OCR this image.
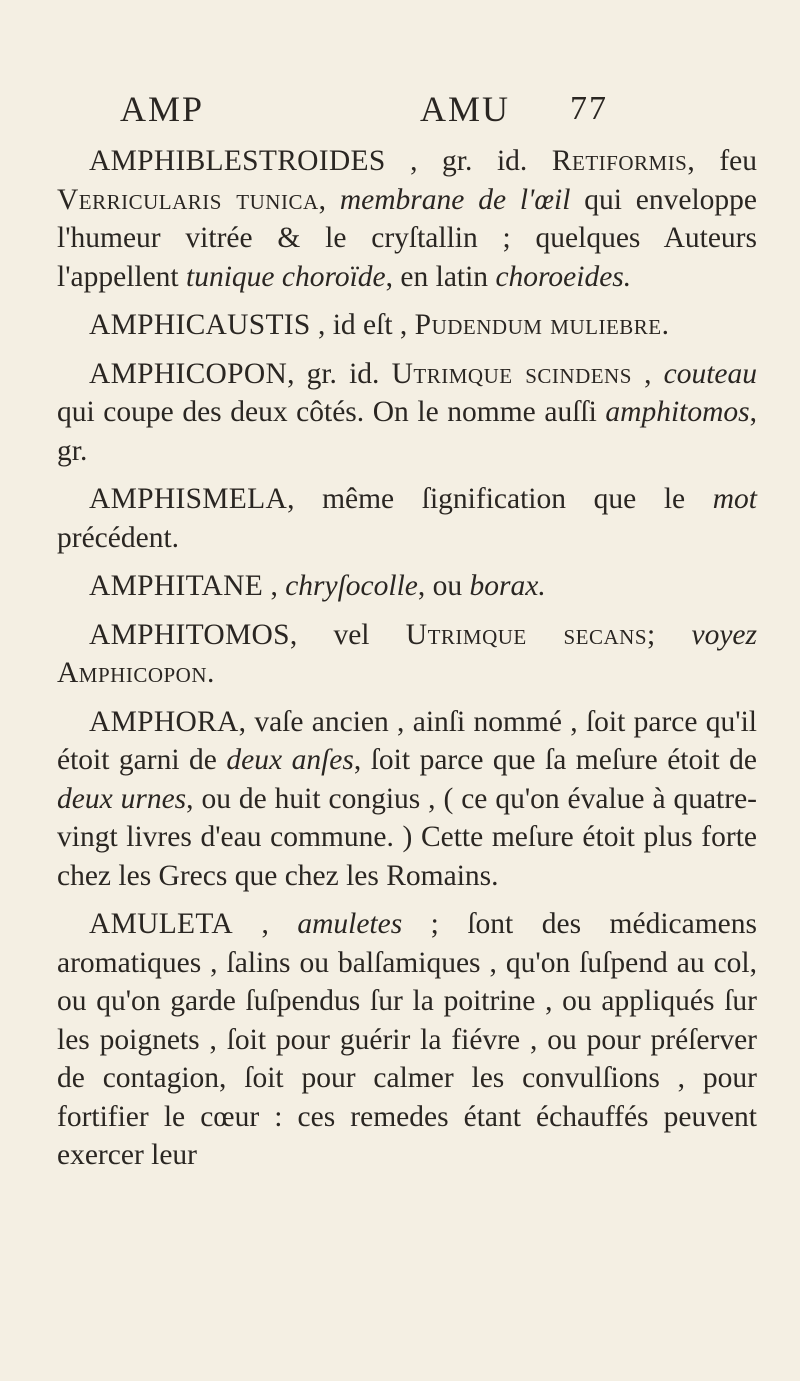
AMP	AMU 77

AMPHIBLESTROIDES , gr. id. Retiformis, feu Verricularis tunica, membrane de l'œil qui enveloppe l'humeur vitrée & le cryſtallin ; quelques Auteurs l'appellent tunique choroïde, en latin choroeides.

AMPHICAUSTIS , id eſt , Pudendum muliebre.

AMPHICOPON, gr. id. Utrimque scindens , couteau qui coupe des deux côtés. On le nomme auſſi amphitomos, gr.

AMPHISMELA, même ſignification que le mot précédent.

AMPHITANE , chryſocolle, ou borax.

AMPHITOMOS, vel Utrimque secans; voyez Amphicopon.

AMPHORA, vaſe ancien , ainſi nommé , ſoit parce qu'il étoit garni de deux anſes, ſoit parce que ſa meſure étoit de deux urnes, ou de huit congius , ( ce qu'on évalue à quatre-vingt livres d'eau commune. ) Cette meſure étoit plus forte chez les Grecs que chez les Romains.

AMULETA , amuletes ; ſont des médicamens aromatiques , ſalins ou balſamiques , qu'on ſuſpend au col, ou qu'on garde ſuſpendus ſur la poitrine , ou appliqués ſur les poignets , ſoit pour guérir la fiévre , ou pour préſerver de contagion, ſoit pour calmer les convulſions , pour fortifier le cœur : ces remedes étant échauffés peuvent exercer leur
